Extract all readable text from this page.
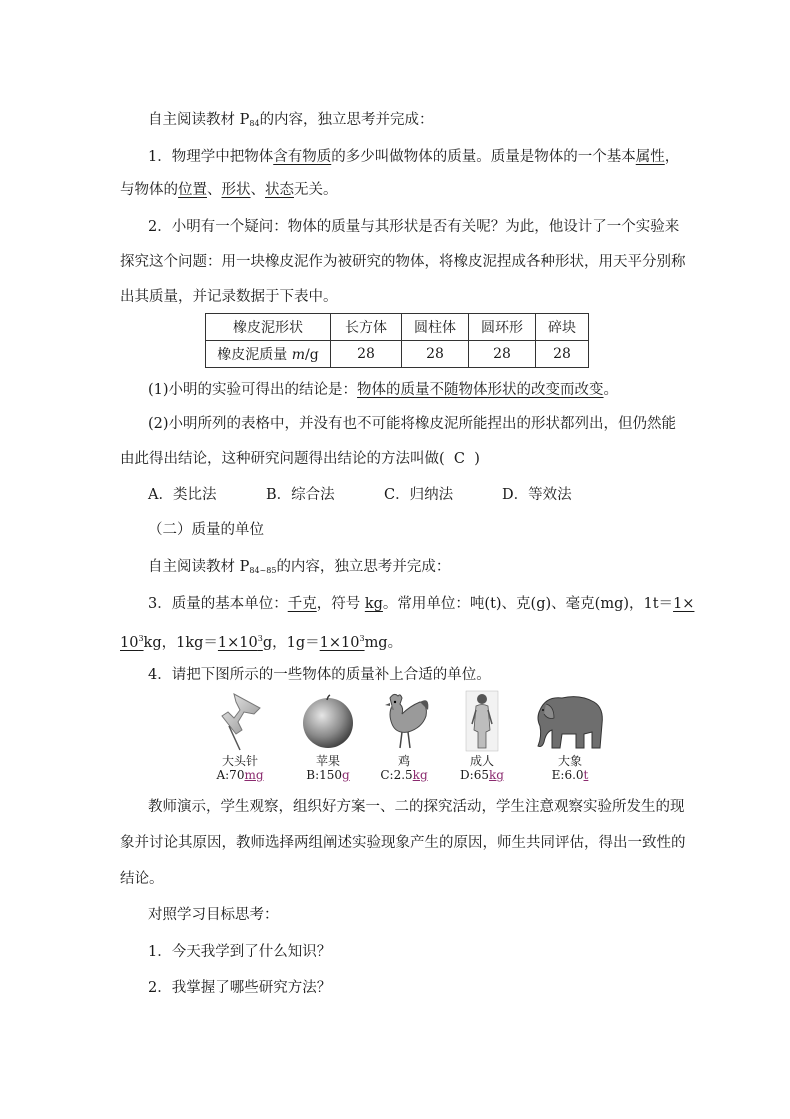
自主阅读教材 $P_{84}$的内容，独立思考并完成：
1．物理学中把物体含有物质的多少叫做物体的质量。质量是物体的一个基本属性，
与物体的位置、形状、状态无关。
2．小明有一个疑问：物体的质量与其形状是否有关呢？为此，他设计了一个实验来
探究这个问题：用一块橡皮泥作为被研究的物体，将橡皮泥捏成各种形状，用天平分别称
出其质量，并记录数据于下表中。
橡皮泥形状	长方体	圆柱体	圆环形	碎块
橡皮泥质量 m/g	28	28	28	28
(1)小明的实验可得出的结论是：物体的质量不随物体形状的改变而改变。
(2)小明所列的表格中，并没有也不可能将橡皮泥所能捏出的形状都列出，但仍然能
由此得出结论，这种研究问题得出结论的方法叫做( C )
A．类比法	B．综合法	C．归纳法	D．等效法
（二）质量的单位
自主阅读教材 $P_{84\sim 85}$的内容，独立思考并完成：
3．质量的基本单位：千克，符号 kg。常用单位：吨(t)、克(g)、毫克(mg)，1t＝1×
$10^3kg$，$1kg=1\times 10^3g$，$1g=1\times 10^3mg$。
4．请把下图所示的一些物体的质量补上合适的单位。
大头针
A:70mg
苹果
B:150g
鸡
C:2.5kg
成人
D:65kg
大象
E:6.0t
教师演示，学生观察，组织好方案一、二的探究活动，学生注意观察实验所发生的现
象并讨论其原因，教师选择两组阐述实验现象产生的原因，师生共同评估，得出一致性的
结论。
对照学习目标思考：
1．今天我学到了什么知识？
2．我掌握了哪些研究方法？
